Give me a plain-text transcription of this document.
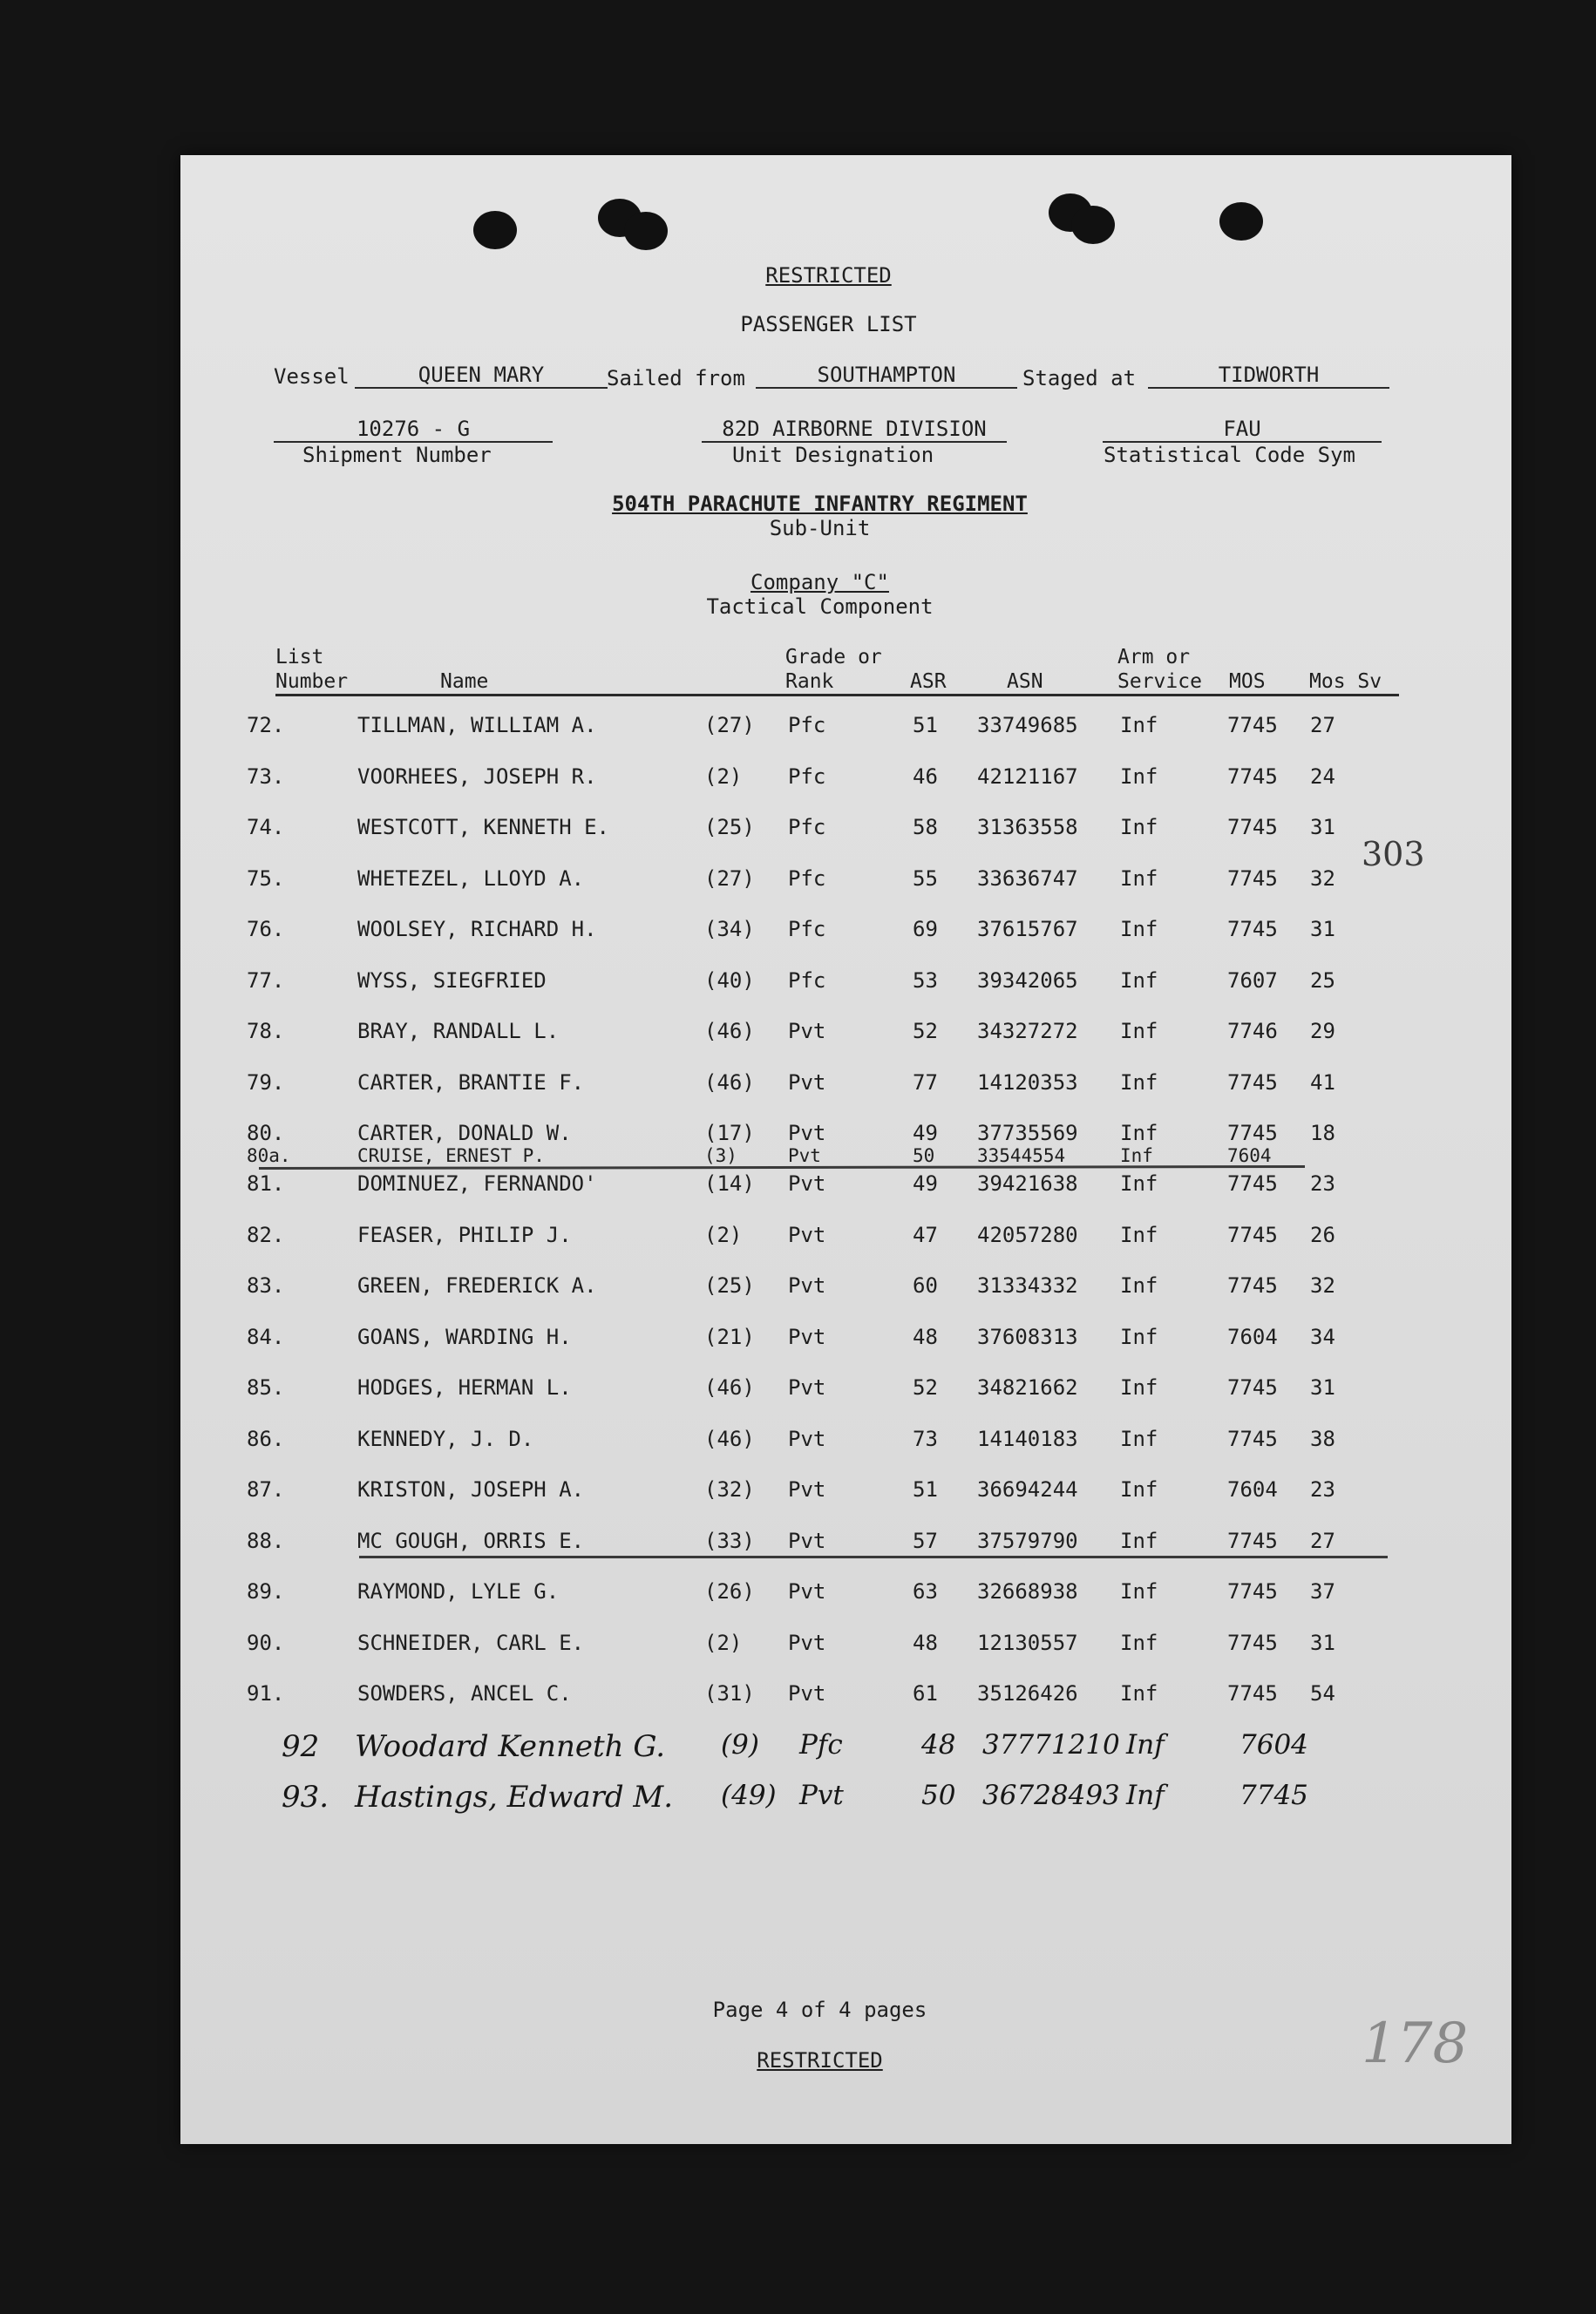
RESTRICTED
PASSENGER LIST
Vessel	QUEEN MARY	Sailed from	SOUTHAMPTON	Staged at	TIDWORTH
10276 - G
Shipment Number
82D AIRBORNE DIVISION
Unit Designation
FAU
Statistical Code Sym
504TH PARACHUTE INFANTRY REGIMENT
Sub-Unit
Company "C"
Tactical Component
List
Number	Name
Grade or
Rank	ASR	ASN
Arm or
Service MOS Mos Sv
72.	TILLMAN, WILLIAM A.	(27) Pfc	51 33749685 Inf	7745 27
73.	VOORHEES, JOSEPH R.	(2) Pfc	46 42121167 Inf	7745 24
74.	WESTCOTT, KENNETH E.	(25) Pfc	58 31363558 Inf	7745 31
75.	WHETEZEL, LLOYD A.	(27) Pfc	55 33636747 Inf	7745 32
76.	WOOLSEY, RICHARD H.	(34) Pfc	69 37615767 Inf	7745 31
77.	WYSS, SIEGFRIED	(40) Pfc	53 39342065 Inf	7607 25
78.	BRAY, RANDALL L.	(46) Pvt	52 34327272 Inf	7746 29
79.	CARTER, BRANTIE F.	(46) Pvt	77 14120353 Inf	7745 41
80.	CARTER, DONALD W.	(17) Pvt	49 37735569 Inf	7745 18
80a.	CRUISE, ERNEST P.	(3)	Pvt	50 33544554	Inf	7604
81.	DOMINUEZ, FERNANDO'	(14) Pvt	49 39421638 Inf	7745 23
82.	FEASER, PHILIP J.	(2) Pvt	47 42057280 Inf	7745 26
83.	GREEN, FREDERICK A.	(25) Pvt	60 31334332 Inf	7745 32
84.	GOANS, WARDING H.	(21) Pvt	48 37608313 Inf	7604 34
85.	HODGES, HERMAN L.	(46) Pvt	52 34821662 Inf	7745 31
86.	KENNEDY, J. D.	(46) Pvt	73 14140183 Inf	7745 38
87.	KRISTON, JOSEPH A.	(32) Pvt	51 36694244 Inf	7604 23
88.	MC GOUGH, ORRIS E.	(33) Pvt	57 37579790 Inf	7745 27
89.	RAYMOND, LYLE G.	(26) Pvt	63 32668938 Inf	7745 37
90.	SCHNEIDER, CARL E.	(2) Pvt	48 12130557 Inf	7745 31
91.	SOWDERS, ANCEL C.	(31) Pvt	61 35126426 Inf	7745 54
92 Woodard Kenneth G. (9) Pfc	48 37771210 Inf	7604
93. Hastings, Edward M. (49) Pvt	50 36728493 Inf	7745
303
Page 4 of 4 pages
RESTRICTED	178
